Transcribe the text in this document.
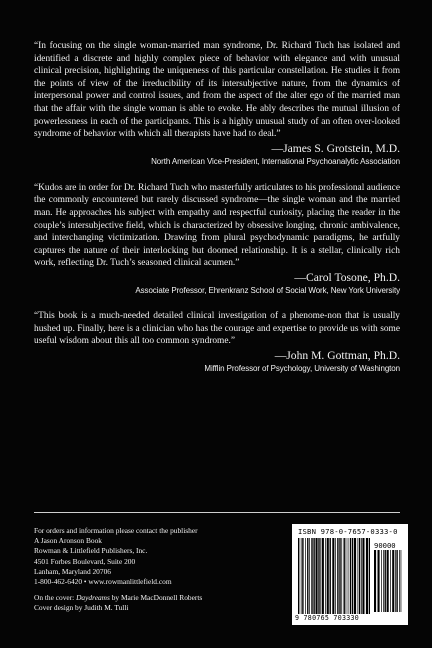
“In focusing on the single woman-married man syndrome, Dr. Richard Tuch has isolated and identified a discrete and highly complex piece of behavior with elegance and with unusual clinical precision, highlighting the uniqueness of this particular constellation. He studies it from the points of view of the irreducibility of its intersubjective nature, from the dynamics of interpersonal power and control issues, and from the aspect of the alter ego of the married man that the affair with the single woman is able to evoke. He ably describes the mutual illusion of powerlessness in each of the participants. This is a highly unusual study of an often over-looked syndrome of behavior with which all therapists have had to deal.”

—James S. Grotstein, M.D.
North American Vice-President, International Psychoanalytic Association

“Kudos are in order for Dr. Richard Tuch who masterfully articulates to his professional audience the commonly encountered but rarely discussed syndrome—the single woman and the married man. He approaches his subject with empathy and respectful curiosity, placing the reader in the couple’s intersubjective field, which is characterized by obsessive longing, chronic ambivalence, and interchanging victimization. Drawing from plural psychodynamic paradigms, he artfully captures the nature of their interlocking but doomed relationship. It is a stellar, clinically rich work, reflecting Dr. Tuch’s seasoned clinical acumen.”

—Carol Tosone, Ph.D.
Associate Professor, Ehrenkranz School of Social Work, New York University

“This book is a much-needed detailed clinical investigation of a phenome-non that is usually hushed up. Finally, here is a clinician who has the courage and expertise to provide us with some useful wisdom about this all too common syndrome.”

—John M. Gottman, Ph.D.
Mifflin Professor of Psychology, University of Washington

For orders and information please contact the publisher
A Jason Aronson Book
Rowman & Littlefield Publishers, Inc.
4501 Forbes Boulevard, Suite 200
Lanham, Maryland 20706
1-800-462-6420 • www.rowmanlittlefield.com
On the cover: Daydreams by Marie MacDonnell Roberts
Cover design by Judith M. Tulli
ISBN 978-0-7657-0333-0
90000
9 780765 703330
